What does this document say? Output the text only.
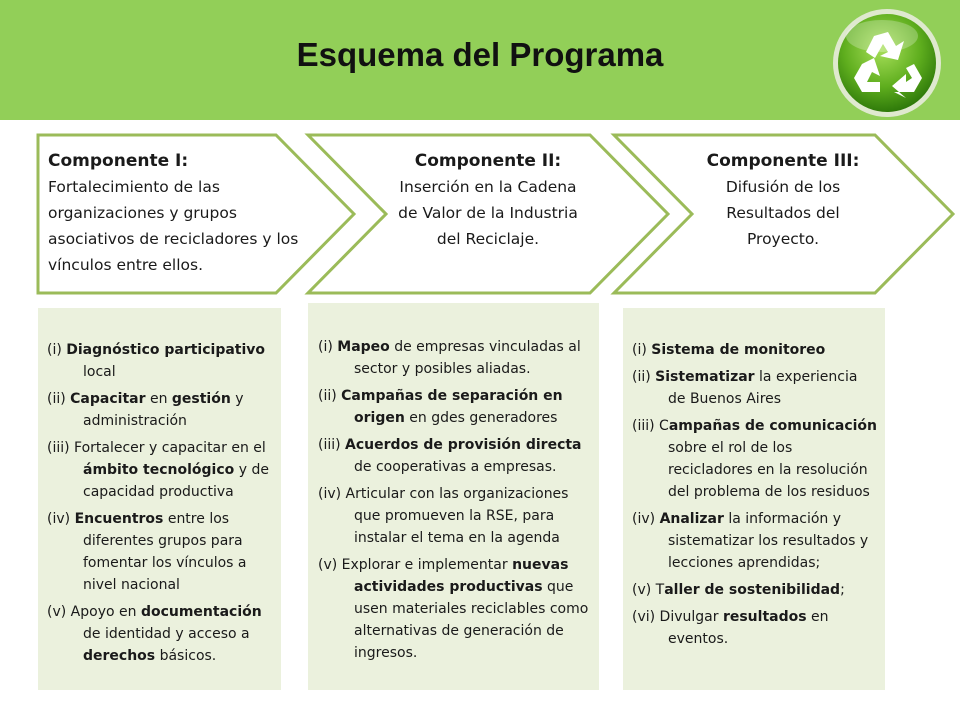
Esquema del Programa
Componente I:
Fortalecimiento de las organizaciones y grupos asociativos de recicladores y los vínculos entre ellos.
Componente II:
Inserción en la Cadena de Valor de la Industria del Reciclaje.
Componente III:
Difusión de los Resultados del Proyecto.
(i) Diagnóstico participativo local
(ii) Capacitar en gestión y administración
(iii) Fortalecer y capacitar en el ámbito tecnológico y de capacidad productiva
(iv) Encuentros entre los diferentes grupos para fomentar los vínculos a nivel nacional
(v) Apoyo en documentación de identidad y acceso a derechos básicos.
(i) Mapeo de empresas vinculadas al sector y posibles aliadas.
(ii) Campañas de separación en origen en gdes generadores
(iii) Acuerdos de provisión directa de cooperativas a empresas.
(iv) Articular con las organizaciones que promueven la RSE, para instalar el tema en la agenda
(v) Explorar e implementar nuevas actividades productivas que usen materiales reciclables como alternativas de generación de ingresos.
(i) Sistema de monitoreo
(ii) Sistematizar la experiencia de Buenos Aires
(iii) Campañas de comunicación sobre el rol de los recicladores en la resolución del problema de los residuos
(iv) Analizar la información y sistematizar los resultados y lecciones aprendidas;
(v) Taller de sostenibilidad;
(vi) Divulgar resultados en eventos.
